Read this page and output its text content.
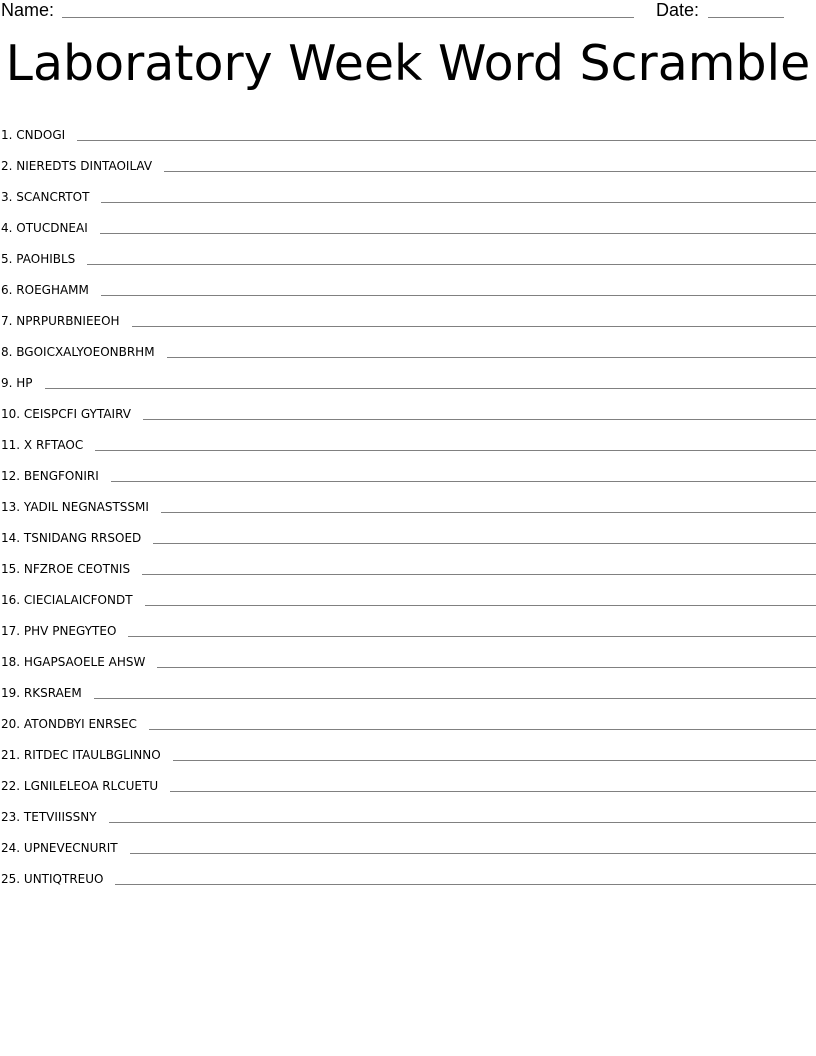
Name:	Date:
Laboratory Week Word Scramble
1. CNDOGI
2. NIEREDTS DINTAOILAV
3. SCANCRTOT
4. OTUCDNEAI
5. PAOHIBLS
6. ROEGHAMM
7. NPRPURBNIEEOH
8. BGOICXALYOEONBRHM
9. HP
10. CEISPCFI GYTAIRV
11. X RFTAOC
12. BENGFONIRI
13. YADIL NEGNASTSSMI
14. TSNIDANG RRSOED
15. NFZROE CEOTNIS
16. CIECIALAICFONDT
17. PHV PNEGYTEO
18. HGAPSAOELE AHSW
19. RKSRAEM
20. ATONDBYI ENRSEC
21. RITDEC ITAULBGLINNO
22. LGNILELEOA RLCUETU
23. TETVIIISSNY
24. UPNEVECNURIT
25. UNTIQTREUO
